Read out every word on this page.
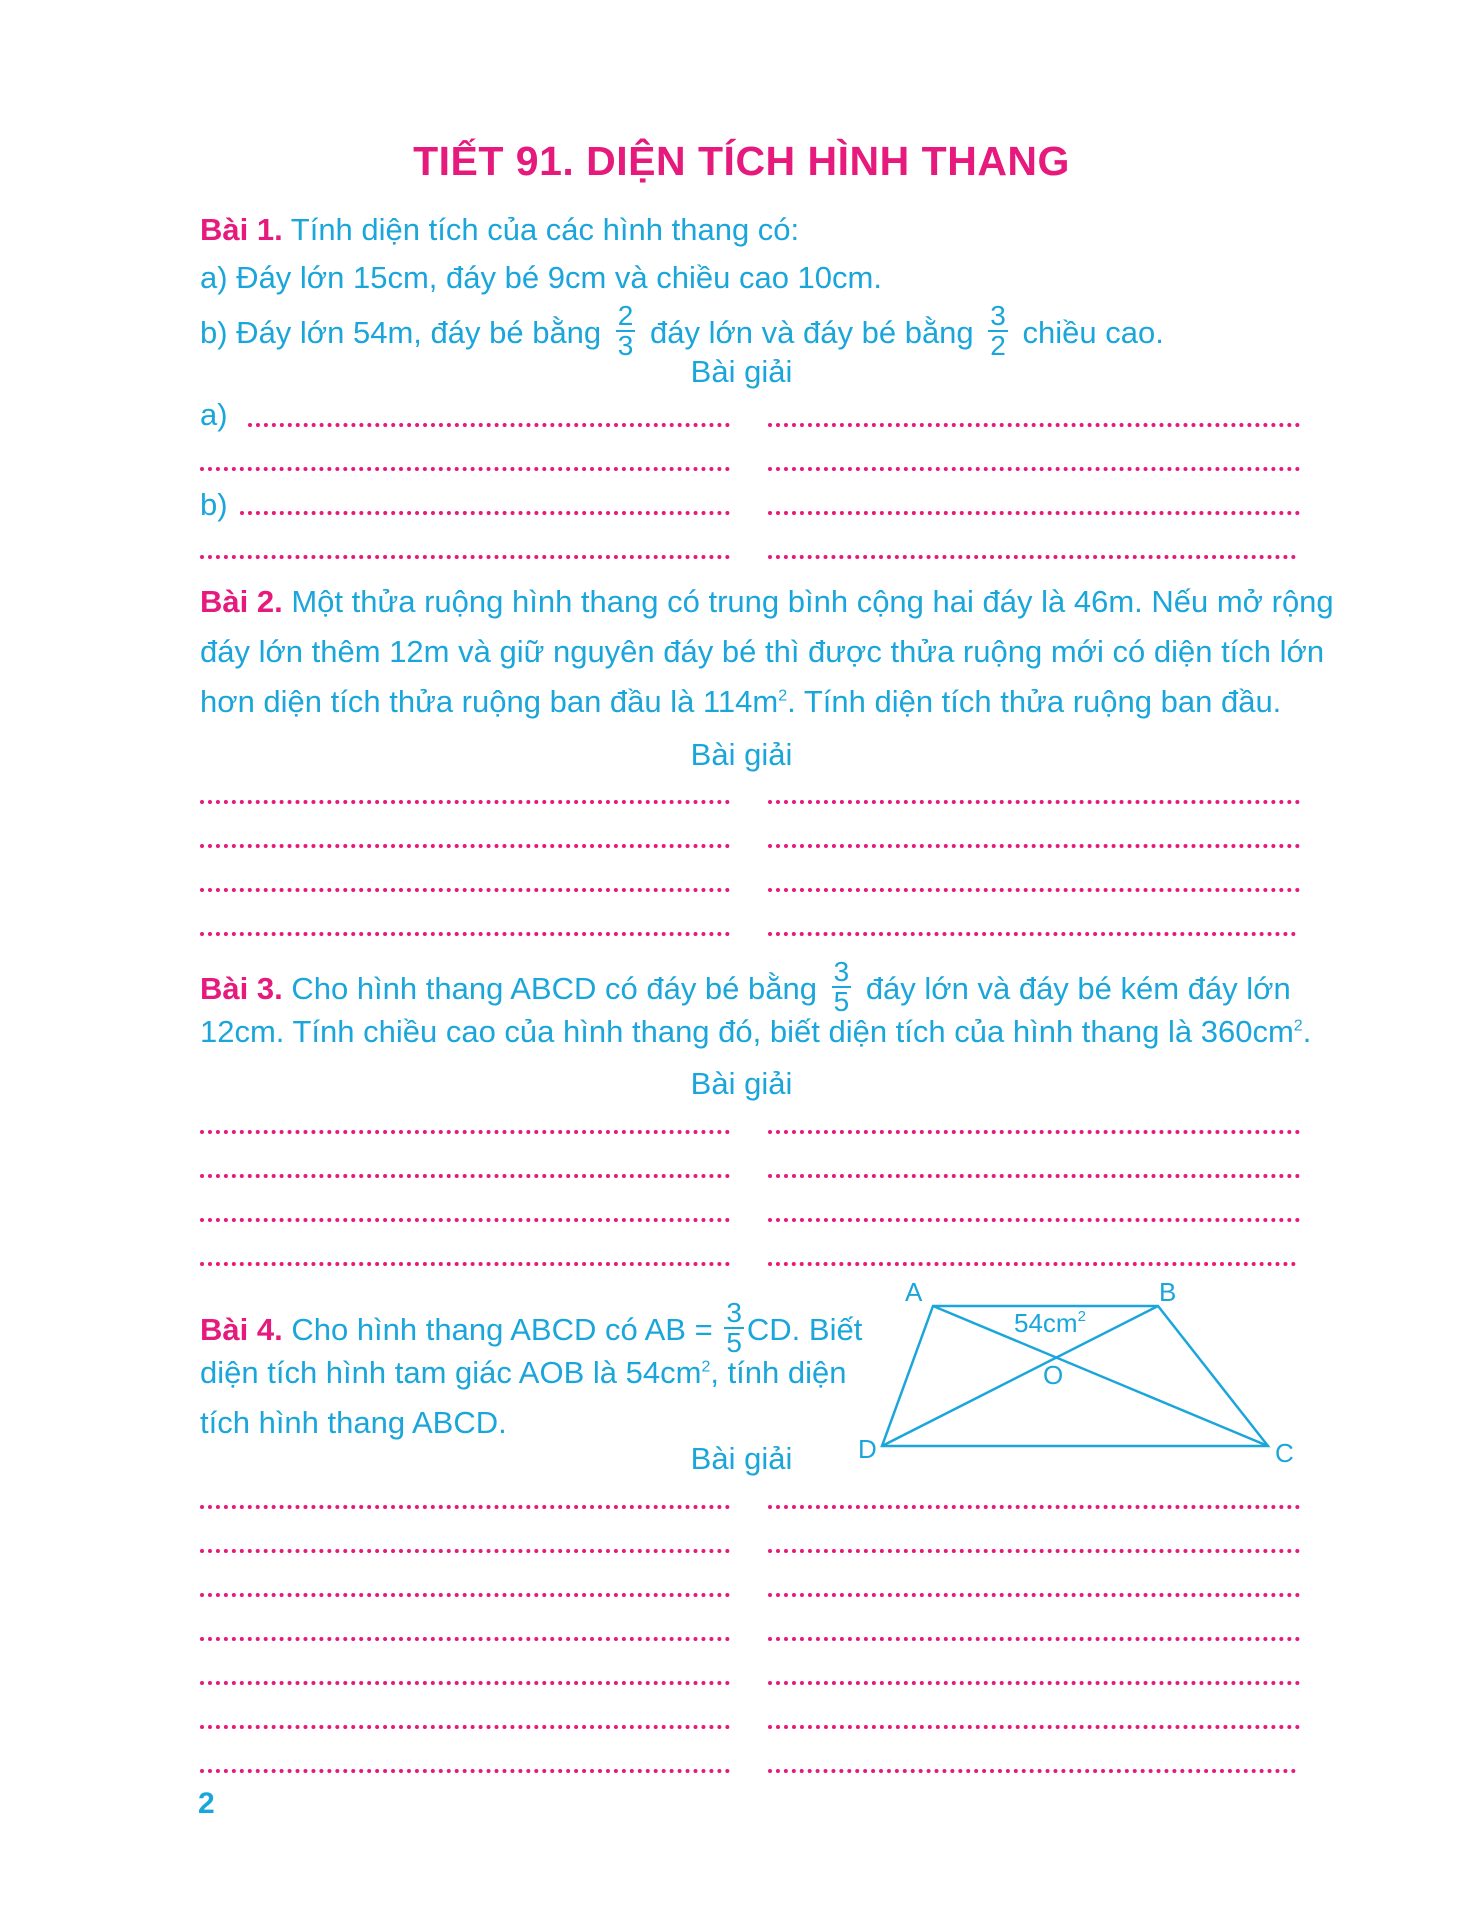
TIẾT 91. DIỆN TÍCH HÌNH THANG
Bài 1. Tính diện tích của các hình thang có:
a) Đáy lớn 15cm, đáy bé 9cm và chiều cao 10cm.
b) Đáy lớn 54m, đáy bé bằng $\frac{2}{3}$ đáy lớn và đáy bé bằng $\frac{3}{2}$ chiều cao.
Bài giải
a)
b)
Bài 2. Một thửa ruộng hình thang có trung bình cộng hai đáy là 46m. Nếu mở rộng
đáy lớn thêm 12m và giữ nguyên đáy bé thì được thửa ruộng mới có diện tích lớn
hơn diện tích thửa ruộng ban đầu là $114m^2$. Tính diện tích thửa ruộng ban đầu.
Bài giải
Bài 3. Cho hình thang ABCD có đáy bé bằng $\frac{3}{5}$ đáy lớn và đáy bé kém đáy lớn
12cm. Tính chiều cao của hình thang đó, biết diện tích của hình thang là $360cm^2$.
Bài giải
Bài 4. Cho hình thang ABCD có AB = $\frac{3}{5}$ CD. Biết
diện tích hình tam giác AOB là $54cm^2$, tính diện
tích hình thang ABCD.
Bài giải
A	B
C
D
O
$54cm^2$
2
